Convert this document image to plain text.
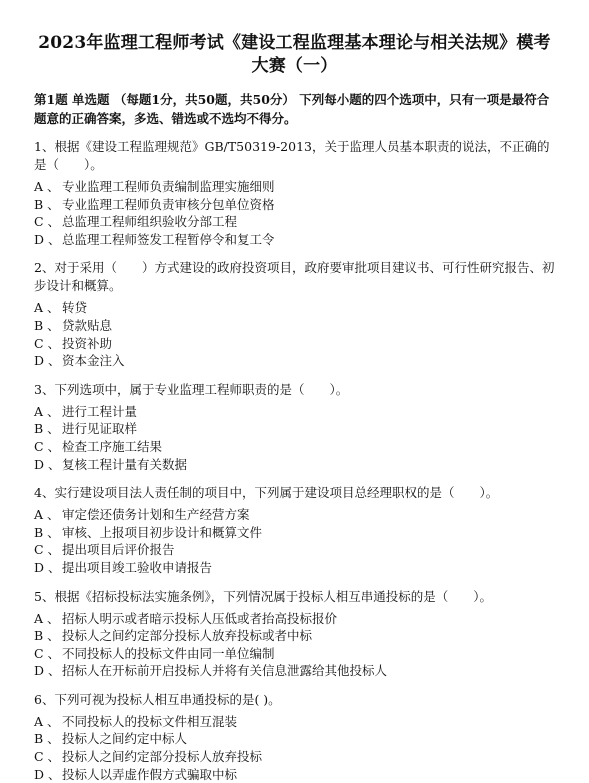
2023年监理工程师考试《建设工程监理基本理论与相关法规》模考大赛（一）
第1题 单选题 （每题1分，共50题，共50分） 下列每小题的四个选项中，只有一项是最符合题意的正确答案，多选、错选或不选均不得分。
1、根据《建设工程监理规范》GB/T50319-2013，关于监理人员基本职责的说法，不正确的是（　　）。
A 、 专业监理工程师负责编制监理实施细则
B 、 专业监理工程师负责审核分包单位资格
C 、 总监理工程师组织验收分部工程
D 、 总监理工程师签发工程暂停令和复工令
2、对于采用（　　）方式建设的政府投资项目，政府要审批项目建议书、可行性研究报告、初步设计和概算。
A 、 转贷
B 、 贷款贴息
C 、 投资补助
D 、 资本金注入
3、下列选项中，属于专业监理工程师职责的是（　　）。
A 、 进行工程计量
B 、 进行见证取样
C 、 检查工序施工结果
D 、 复核工程计量有关数据
4、实行建设项目法人责任制的项目中，下列属于建设项目总经理职权的是（　　）。
A 、 审定偿还债务计划和生产经营方案
B 、 审核、上报项目初步设计和概算文件
C 、 提出项目后评价报告
D 、 提出项目竣工验收申请报告
5、根据《招标投标法实施条例》，下列情况属于投标人相互串通投标的是（　　）。
A 、 招标人明示或者暗示投标人压低或者抬高投标报价
B 、 投标人之间约定部分投标人放弃投标或者中标
C 、 不同投标人的投标文件由同一单位编制
D 、 招标人在开标前开启投标人并将有关信息泄露给其他投标人
6、下列可视为投标人相互串通投标的是( )。
A 、 不同投标人的投标文件相互混装
B 、 投标人之间约定中标人
C 、 投标人之间约定部分投标人放弃投标
D 、 投标人以弄虚作假方式骗取中标
